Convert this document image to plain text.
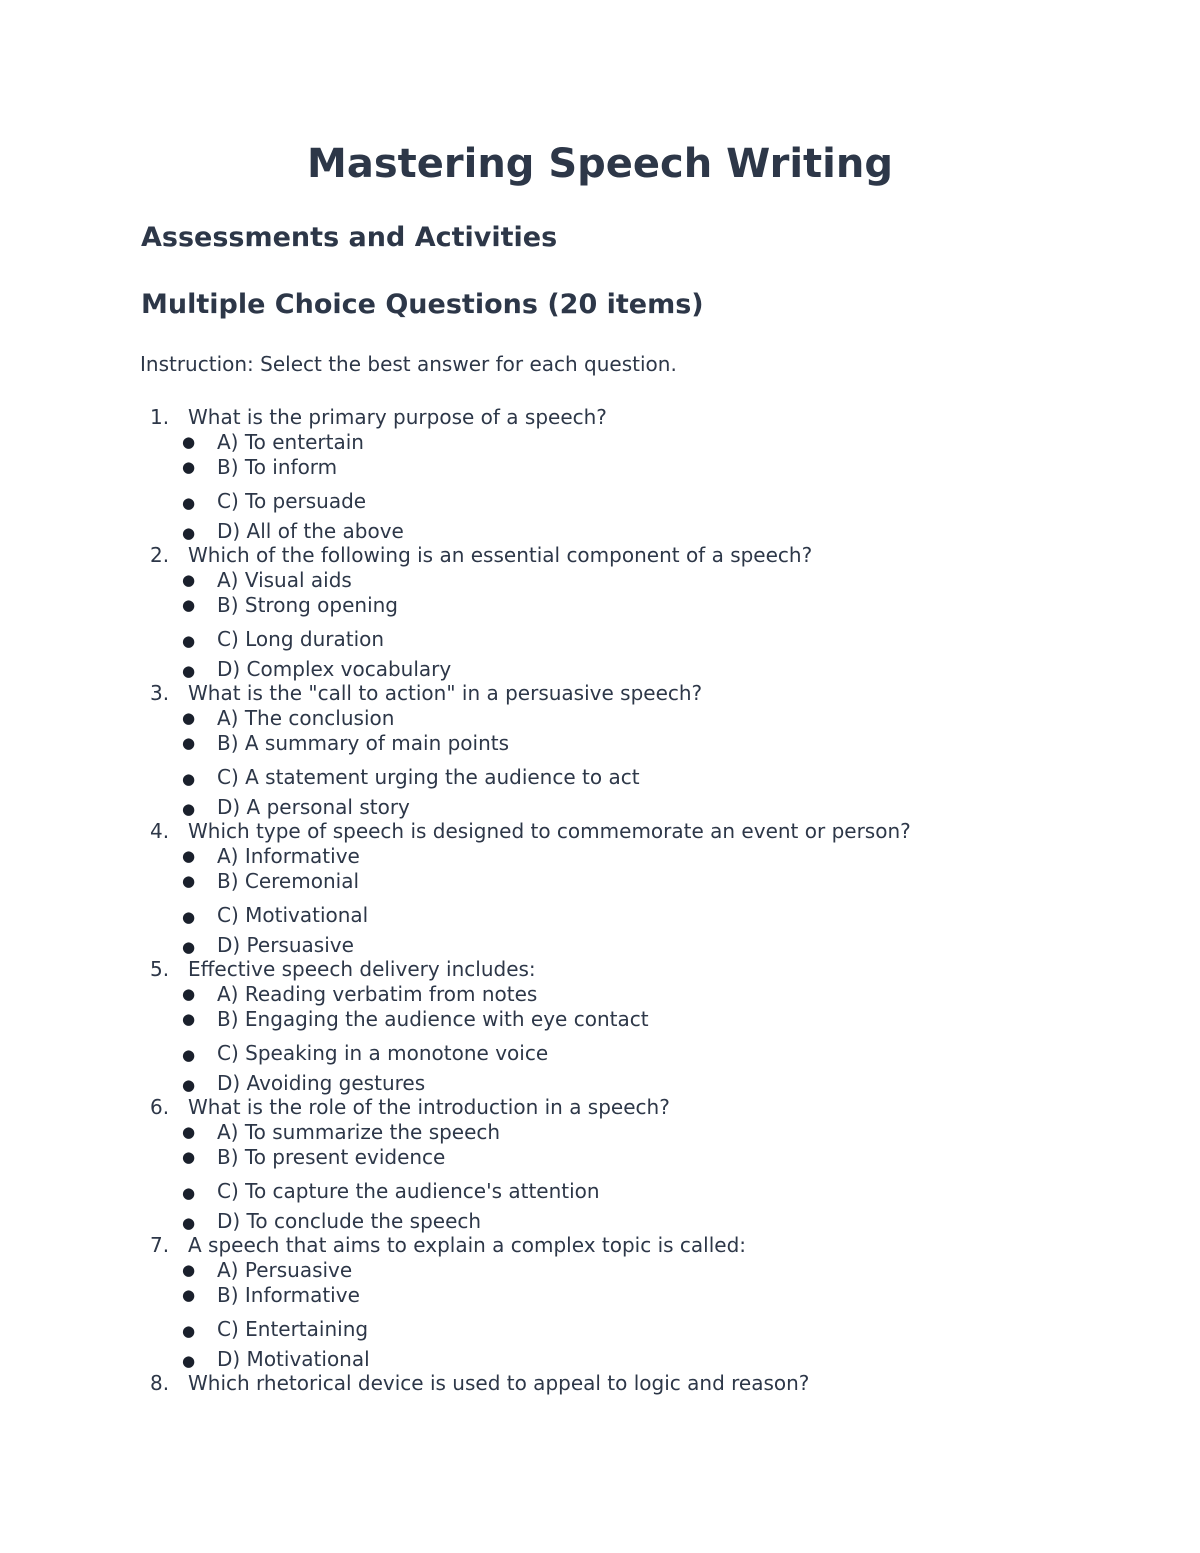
Mastering Speech Writing
Assessments and Activities
Multiple Choice Questions (20 items)

Instruction: Select the best answer for each question.

1. What is the primary purpose of a speech?
● A) To entertain
● B) To inform
● C) To persuade
● D) All of the above
2. Which of the following is an essential component of a speech?
● A) Visual aids
● B) Strong opening
● C) Long duration
● D) Complex vocabulary
3. What is the "call to action" in a persuasive speech?
● A) The conclusion
● B) A summary of main points
● C) A statement urging the audience to act
● D) A personal story
4. Which type of speech is designed to commemorate an event or person?
● A) Informative
● B) Ceremonial
● C) Motivational
● D) Persuasive
5. Effective speech delivery includes:
● A) Reading verbatim from notes
● B) Engaging the audience with eye contact
● C) Speaking in a monotone voice
● D) Avoiding gestures
6. What is the role of the introduction in a speech?
● A) To summarize the speech
● B) To present evidence
● C) To capture the audience's attention
● D) To conclude the speech
7. A speech that aims to explain a complex topic is called:
● A) Persuasive
● B) Informative
● C) Entertaining
● D) Motivational
8. Which rhetorical device is used to appeal to logic and reason?
